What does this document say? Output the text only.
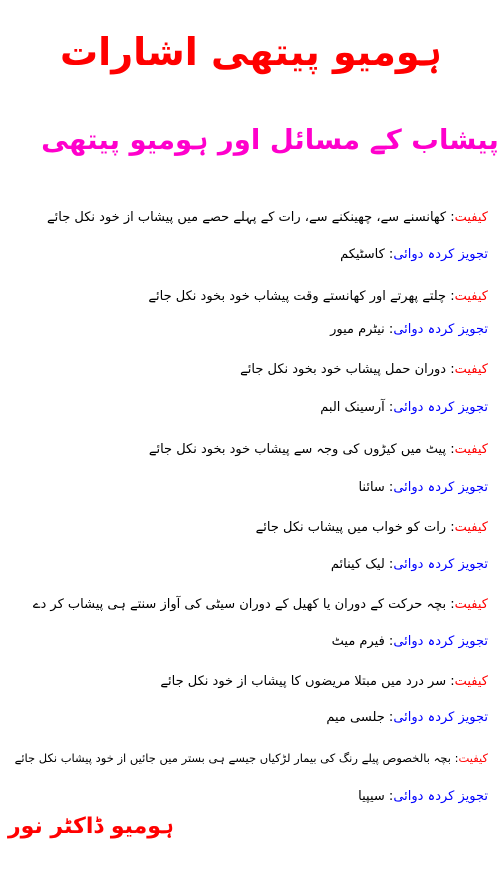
ہومیو پیتھی اشارات
پیشاب کے مسائل اور ہومیو پیتھی
کیفیت: کھانسنے سے، چھینکنے سے، رات کے پہلے حصے میں پیشاب از خود نکل جائے
تجویز کردہ دوائی: کاسٹیکم
کیفیت: چلتے پھرتے اور کھانستے وقت پیشاب خود بخود نکل جائے
تجویز کردہ دوائی: نیٹرم میور
کیفیت: دوران حمل پیشاب خود بخود نکل جائے
تجویز کردہ دوائی: آرسینک البم
کیفیت: پیٹ میں کیڑوں کی وجہ سے پیشاب خود بخود نکل جائے
تجویز کردہ دوائی: سائنا
کیفیت: رات کو خواب میں پیشاب نکل جائے
تجویز کردہ دوائی: لیک کینائم
کیفیت: بچہ حرکت کے دوران یا کھیل کے دوران سیٹی کی آواز سنتے ہی پیشاب کر دے
تجویز کردہ دوائی: فیرم میٹ
کیفیت: سر درد میں مبتلا مریضوں کا پیشاب از خود نکل جائے
تجویز کردہ دوائی: جلسی میم
کیفیت: بچہ بالخصوص پیلے رنگ کی بیمار لڑکیاں جیسے ہی بستر میں جائیں از خود پیشاب نکل جائے
تجویز کردہ دوائی: سیپیا
ہومیو ڈاکٹر نور
